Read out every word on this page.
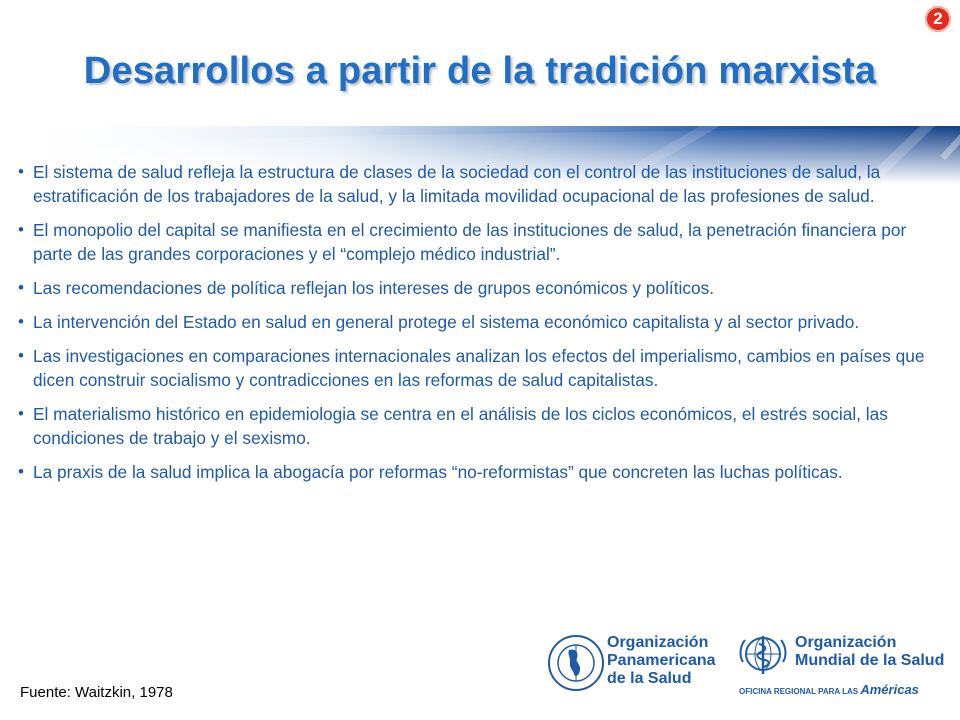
2
Desarrollos a partir de la tradición marxista
• El sistema de salud refleja la estructura de clases de la sociedad con el control de las instituciones de salud, la estratificación de los trabajadores de la salud, y la limitada movilidad ocupacional de las profesiones de salud.
• El monopolio del capital se manifiesta en el crecimiento de las instituciones de salud, la penetración financiera por parte de las grandes corporaciones y el “complejo médico industrial”.
• Las recomendaciones de política reflejan los intereses de grupos económicos y políticos.
• La intervención del Estado en salud en general protege el sistema económico capitalista y al sector privado.
• Las investigaciones en comparaciones internacionales analizan los efectos del imperialismo, cambios en países que dicen construir socialismo y contradicciones en las reformas de salud capitalistas.
• El materialismo histórico en epidemiologia se centra en el análisis de los ciclos económicos, el estrés social, las condiciones de trabajo y el sexismo.
• La praxis de la salud implica la abogacía por reformas “no-reformistas” que concreten las luchas políticas.
Fuente: Waitzkin, 1978
Organización
Panamericana
de la Salud
Organización
Mundial de la Salud
OFICINA REGIONAL PARA LAS Américas
